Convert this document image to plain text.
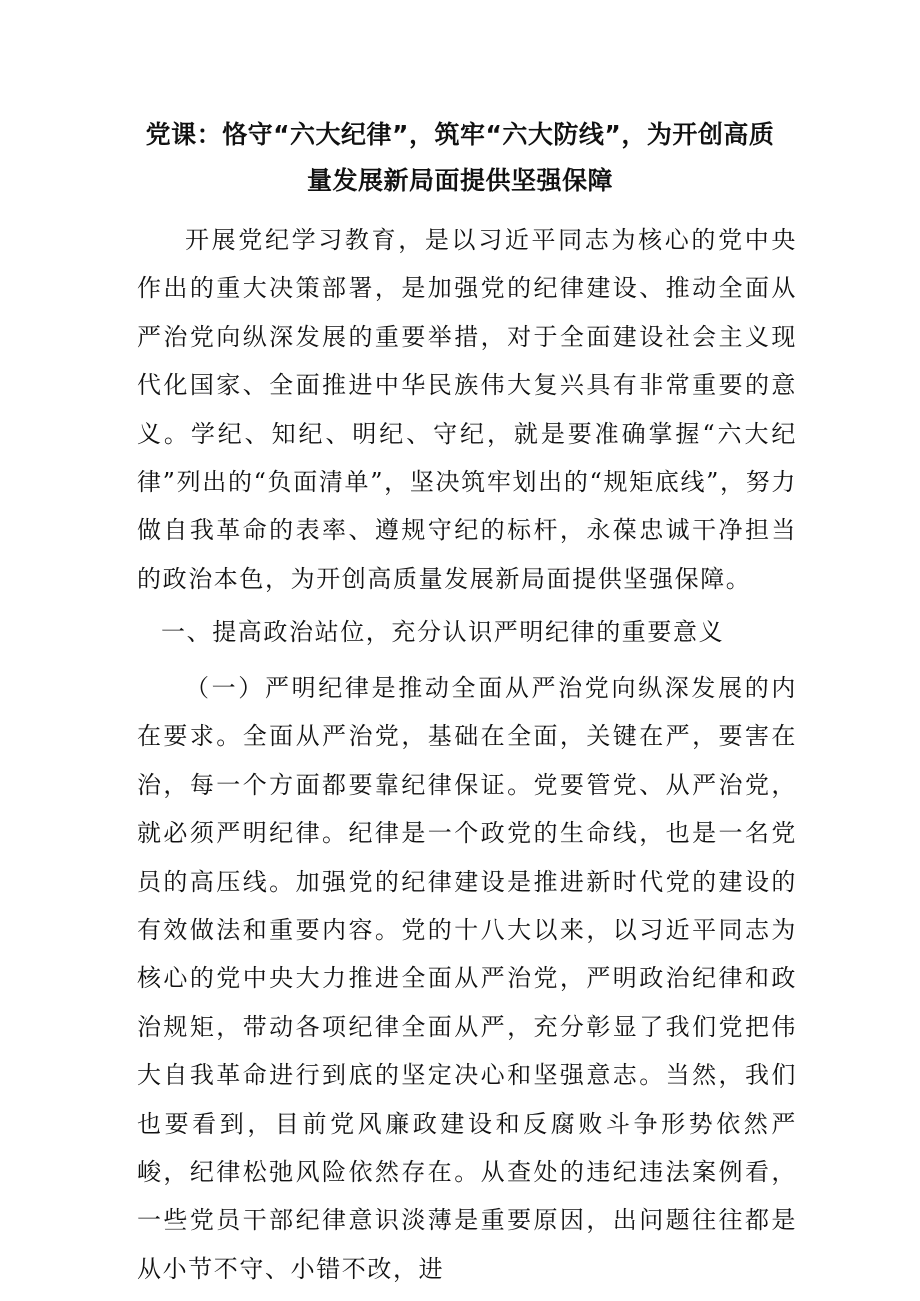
党课：恪守“六大纪律”，筑牢“六大防线”，为开创高质
量发展新局面提供坚强保障

开展党纪学习教育，是以习近平同志为核心的党中央作出的重大决策部署，是加强党的纪律建设、推动全面从严治党向纵深发展的重要举措，对于全面建设社会主义现代化国家、全面推进中华民族伟大复兴具有非常重要的意义。学纪、知纪、明纪、守纪，就是要准确掌握“六大纪律”列出的“负面清单”，坚决筑牢划出的“规矩底线”，努力做自我革命的表率、遵规守纪的标杆，永葆忠诚干净担当的政治本色，为开创高质量发展新局面提供坚强保障。

一、提高政治站位，充分认识严明纪律的重要意义

（一）严明纪律是推动全面从严治党向纵深发展的内在要求。全面从严治党，基础在全面，关键在严，要害在治，每一个方面都要靠纪律保证。党要管党、从严治党，就必须严明纪律。纪律是一个政党的生命线，也是一名党员的高压线。加强党的纪律建设是推进新时代党的建设的有效做法和重要内容。党的十八大以来，以习近平同志为核心的党中央大力推进全面从严治党，严明政治纪律和政治规矩，带动各项纪律全面从严，充分彰显了我们党把伟大自我革命进行到底的坚定决心和坚强意志。当然，我们也要看到，目前党风廉政建设和反腐败斗争形势依然严峻，纪律松弛风险依然存在。从查处的违纪违法案例看，一些党员干部纪律意识淡薄是重要原因，出问题往往都是从小节不守、小错不改，进
